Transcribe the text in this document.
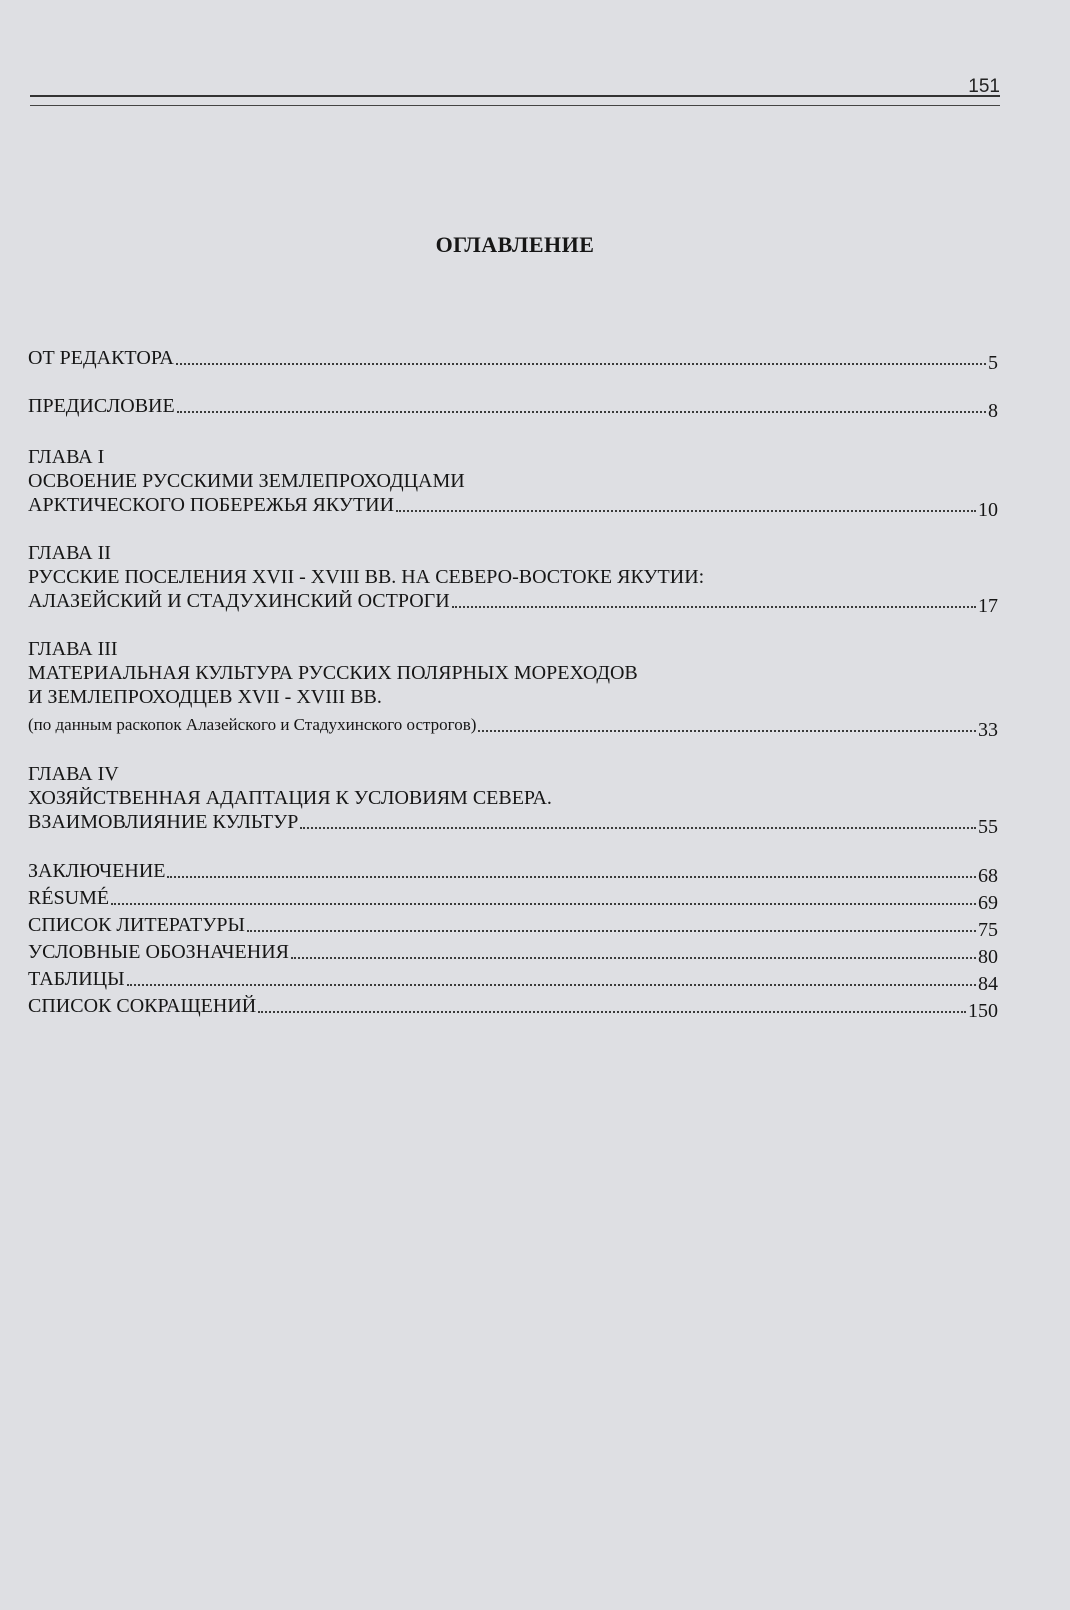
151
ОГЛАВЛЕНИЕ
ОТ РЕДАКТОРА	5
ПРЕДИСЛОВИЕ	8
ГЛАВА I
ОСВОЕНИЕ РУССКИМИ ЗЕМЛЕПРОХОДЦАМИ
АРКТИЧЕСКОГО ПОБЕРЕЖЬЯ ЯКУТИИ	10
ГЛАВА II
РУССКИЕ ПОСЕЛЕНИЯ XVII - XVIII ВВ. НА СЕВЕРО-ВОСТОКЕ ЯКУТИИ:
АЛАЗЕЙСКИЙ И СТАДУХИНСКИЙ ОСТРОГИ	17
ГЛАВА III
МАТЕРИАЛЬНАЯ КУЛЬТУРА РУССКИХ ПОЛЯРНЫХ МОРЕХОДОВ
И ЗЕМЛЕПРОХОДЦЕВ XVII - XVIII ВВ.
(по данным раскопок Алазейского и Стадухинского острогов)	33
ГЛАВА IV
ХОЗЯЙСТВЕННАЯ АДАПТАЦИЯ К УСЛОВИЯМ СЕВЕРА.
ВЗАИМОВЛИЯНИЕ КУЛЬТУР	55
ЗАКЛЮЧЕНИЕ	68
RÉSUMÉ	69
СПИСОК ЛИТЕРАТУРЫ	75
УСЛОВНЫЕ ОБОЗНАЧЕНИЯ	80
ТАБЛИЦЫ	84
СПИСОК СОКРАЩЕНИЙ	150
